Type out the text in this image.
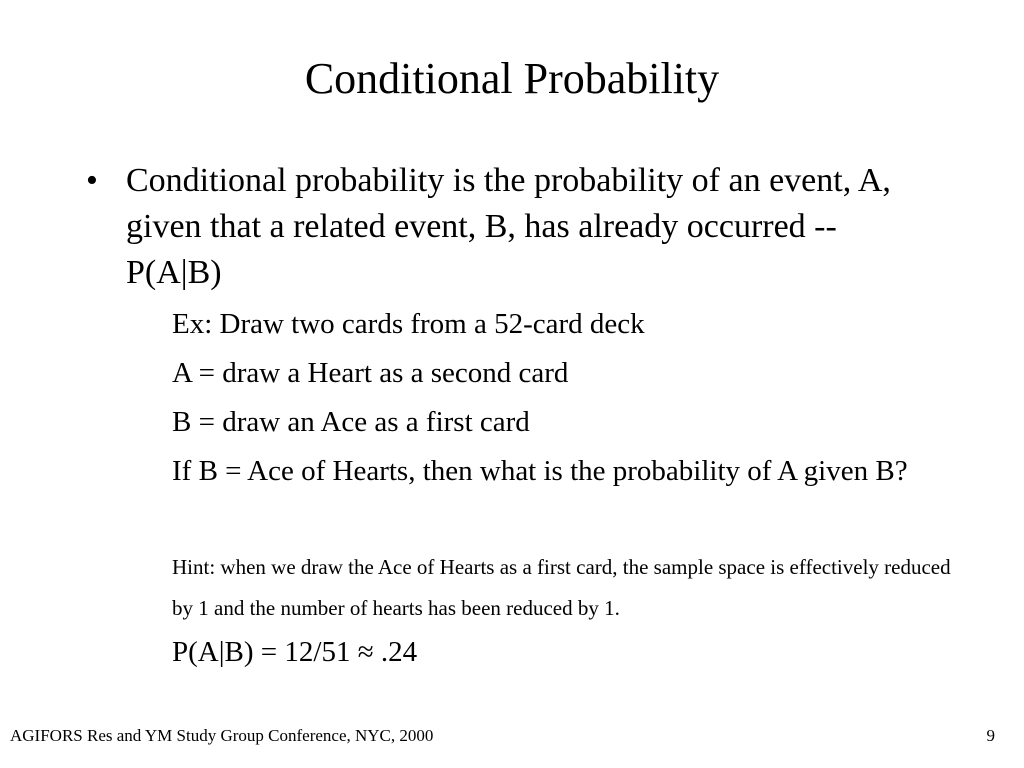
Conditional Probability
• Conditional probability is the probability of an event, A, given that a related event, B, has already occurred -- P(A|B)
Ex: Draw two cards from a 52-card deck
A = draw a Heart as a second card
B = draw an Ace as a first card
If B = Ace of Hearts, then what is the probability of A given B?
Hint: when we draw the Ace of Hearts as a first card, the sample space is effectively reduced by 1 and the number of hearts has been reduced by 1.
P(A|B) = 12/51 ≈ .24
AGIFORS Res and YM Study Group Conference, NYC, 2000	9
